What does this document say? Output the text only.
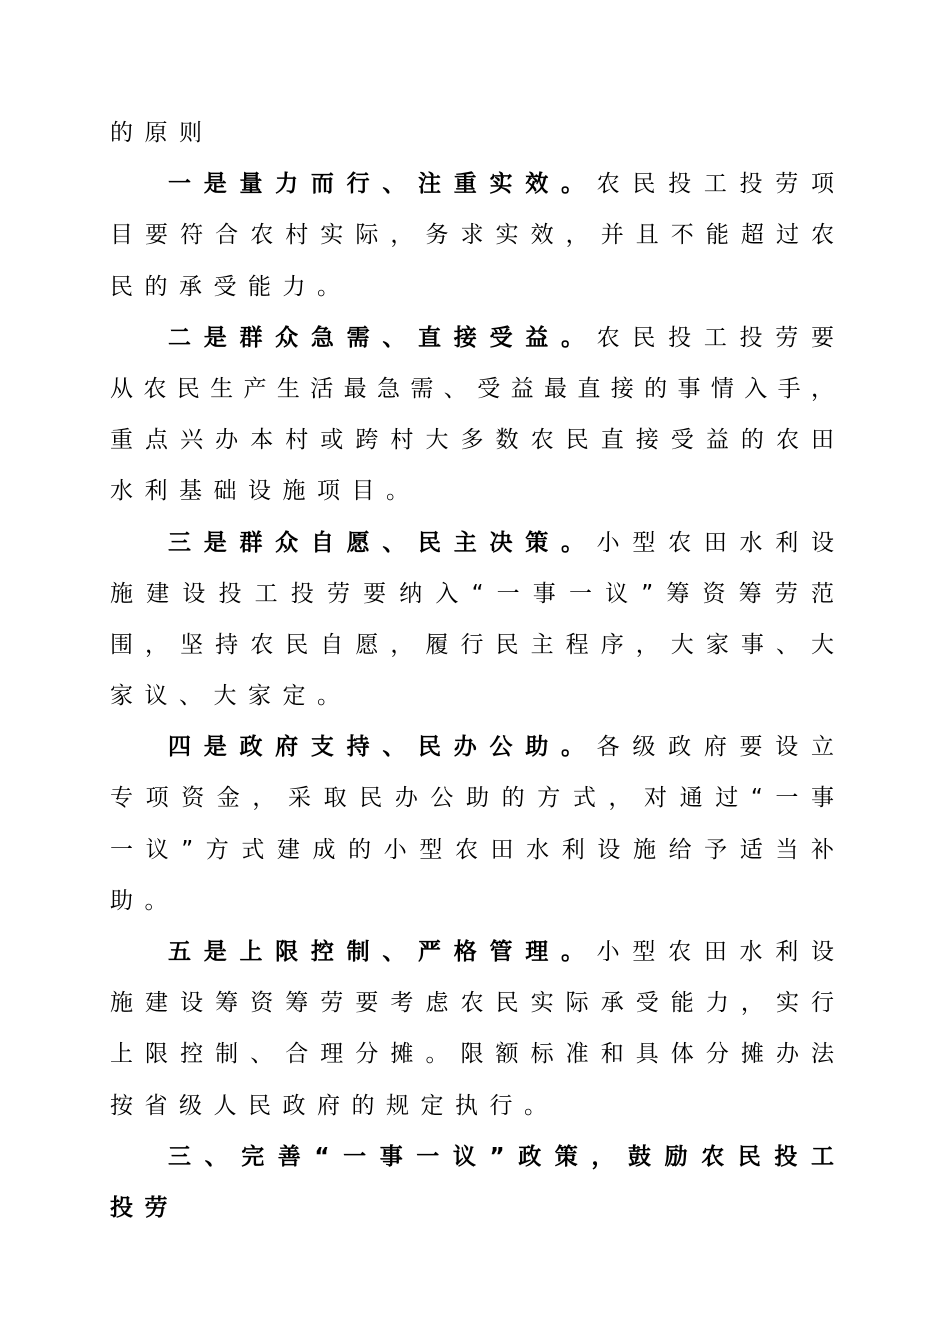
的原则
一是量力而行、注重实效。农民投工投劳项
目要符合农村实际，务求实效，并且不能超过农
民的承受能力。
二是群众急需、直接受益。农民投工投劳要
从农民生产生活最急需、受益最直接的事情入手，
重点兴办本村或跨村大多数农民直接受益的农田
水利基础设施项目。
三是群众自愿、民主决策。小型农田水利设
施建设投工投劳要纳入“一事一议”筹资筹劳范
围，坚持农民自愿，履行民主程序，大家事、大
家议、大家定。
四是政府支持、民办公助。各级政府要设立
专项资金，采取民办公助的方式，对通过“一事
一议”方式建成的小型农田水利设施给予适当补
助。
五是上限控制、严格管理。小型农田水利设
施建设筹资筹劳要考虑农民实际承受能力，实行
上限控制、合理分摊。限额标准和具体分摊办法
按省级人民政府的规定执行。
三、完善“一事一议”政策，鼓励农民投工
投劳
